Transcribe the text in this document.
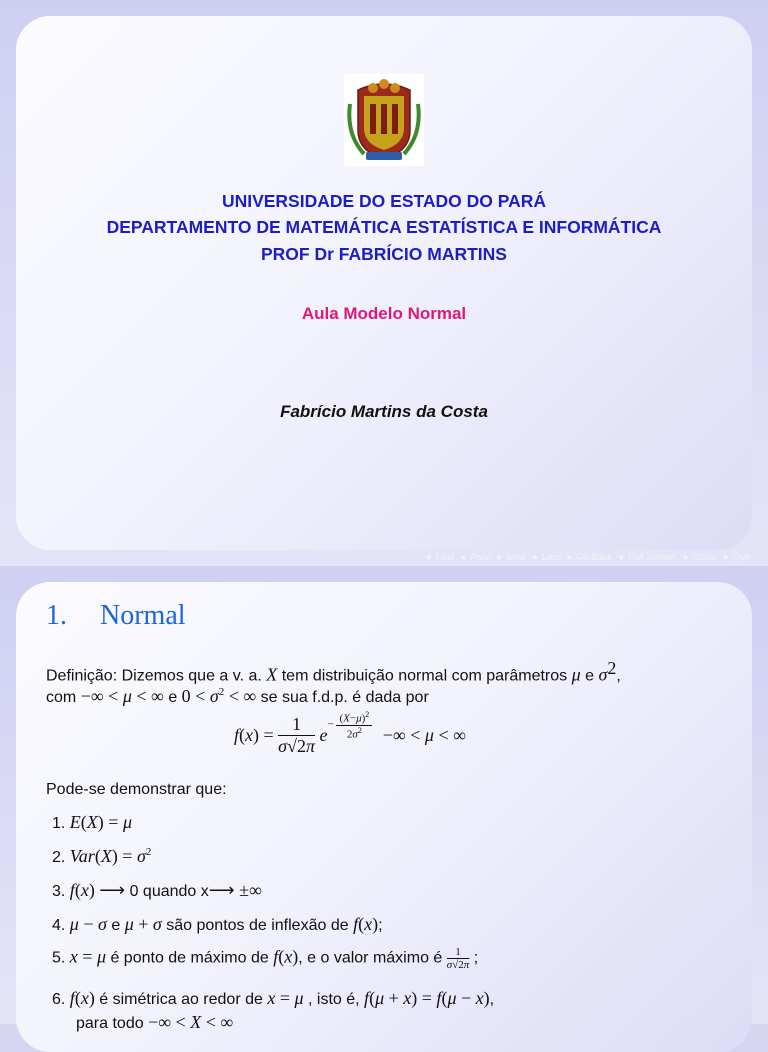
UNIVERSIDADE DO ESTADO DO PARÁ
DEPARTAMENTO DE MATEMÁTICA ESTATÍSTICA E INFORMÁTICA
PROF Dr FABRÍCIO MARTINS
Aula Modelo Normal
Fabrício Martins da Costa
● First ● Prev ● Next ● Last ● Go Back ● Full Screen ● Close ● Quit
1. Normal
Definição: Dizemos que a v. a. X tem distribuição normal com parâmetros μ e $\sigma^2$,
com −∞ < μ < ∞ e $0 < \sigma^2$ < ∞ se sua f.d.p. é dada por
$f(x) = \frac{1}{\sigma√2\pi} e- \frac{(X-\mu)^2}{2\sigma^2}$ −∞ < μ < ∞
Pode-se demonstrar que:
1. E(X) = μ
2. $Var(X) = \sigma^2$
3. f(x) ⟶ 0 quando x⟶ ±∞
4. μ − σ e μ + σ são pontos de inflexão de f(x);
5. x = μ é ponto de máximo de f(x), e o valor máximo é $\frac{1}{\sigma√2\pi}$ ;
6. f(x) é simétrica ao redor de x = μ , isto é, f(μ + x) = f(μ − x),
para todo −∞ < X < ∞
